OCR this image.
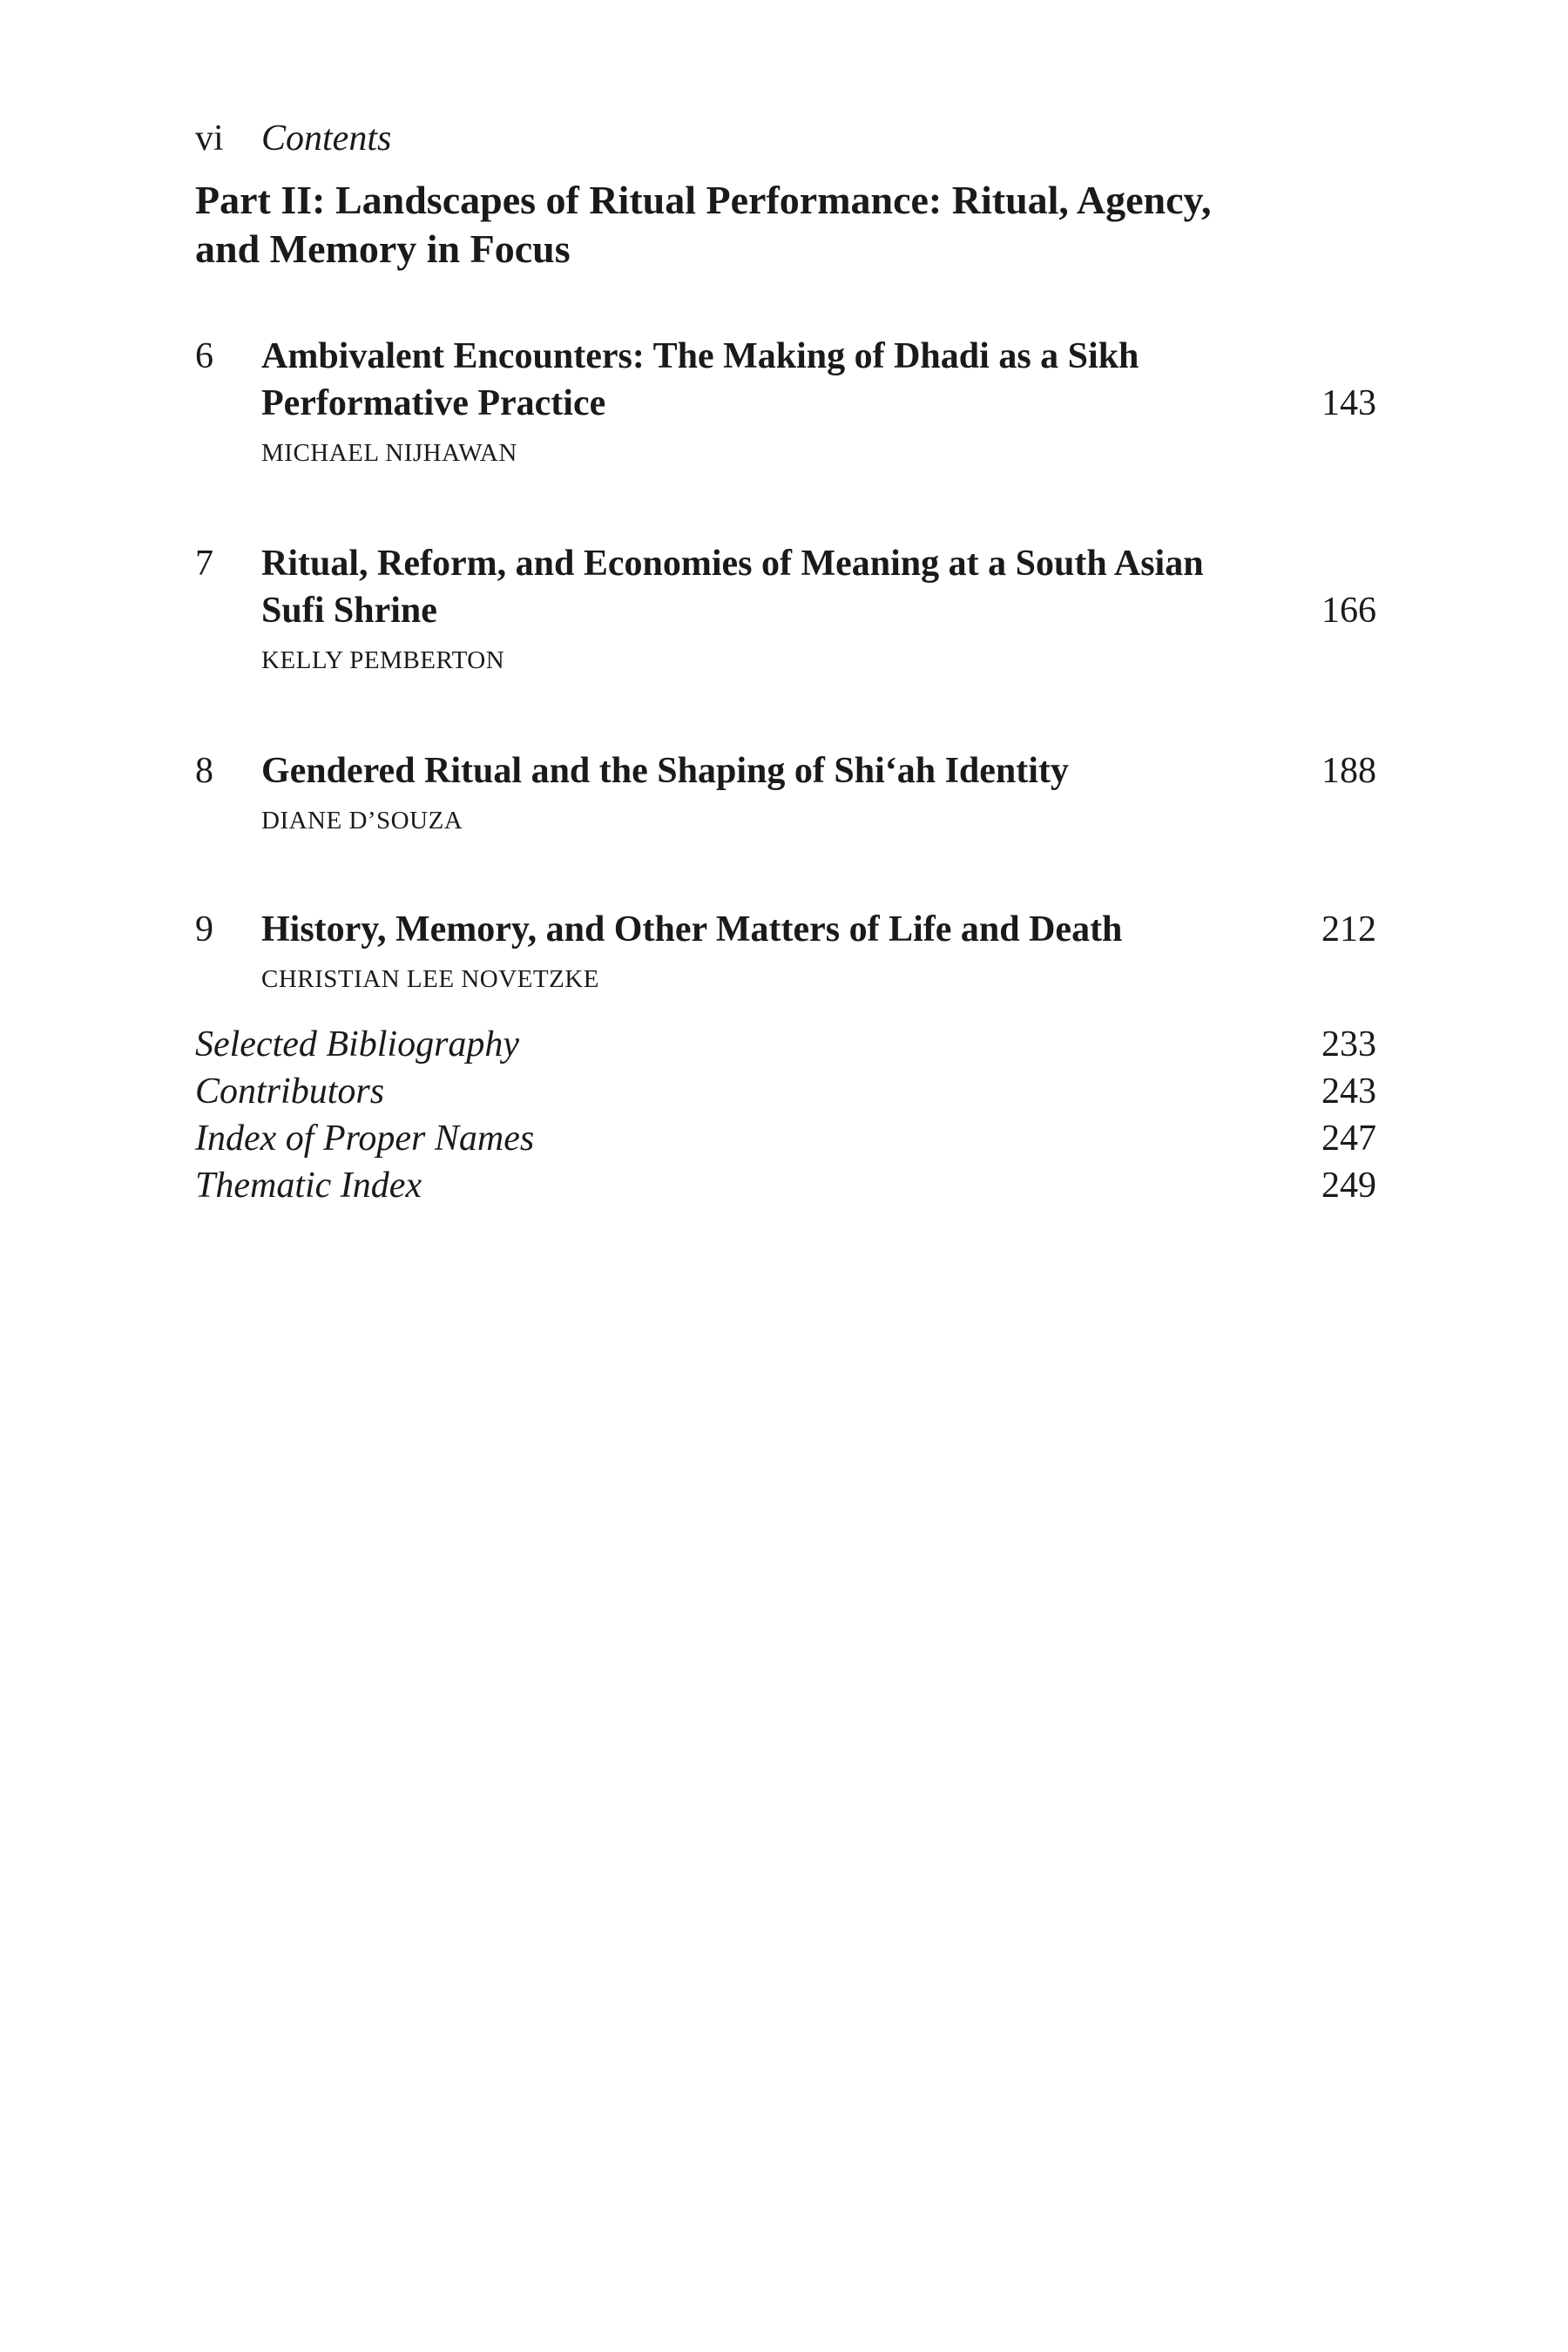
vi Contents
Part II: Landscapes of Ritual Performance: Ritual, Agency, and Memory in Focus
6 Ambivalent Encounters: The Making of Dhadi as a Sikh Performative Practice	143
MICHAEL NIJHAWAN
7 Ritual, Reform, and Economies of Meaning at a South Asian Sufi Shrine	166
KELLY PEMBERTON
8 Gendered Ritual and the Shaping of Shi‘ah Identity	188
DIANE D’SOUZA
9 History, Memory, and Other Matters of Life and Death	212
CHRISTIAN LEE NOVETZKE
Selected Bibliography	233
Contributors	243
Index of Proper Names	247
Thematic Index	249
